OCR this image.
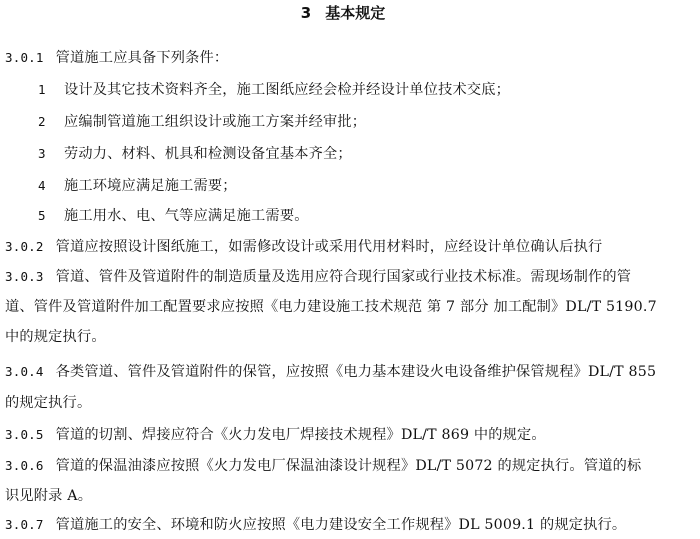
3 基本规定
3.0.1 管道施工应具备下列条件：
1 设计及其它技术资料齐全，施工图纸应经会检并经设计单位技术交底；
2 应编制管道施工组织设计或施工方案并经审批；
3 劳动力、材料、机具和检测设备宜基本齐全；
4 施工环境应满足施工需要；
5 施工用水、电、气等应满足施工需要。
3.0.2 管道应按照设计图纸施工，如需修改设计或采用代用材料时，应经设计单位确认后执行
3.0.3 管道、管件及管道附件的制造质量及选用应符合现行国家或行业技术标准。需现场制作的管
道、管件及管道附件加工配置要求应按照《电力建设施工技术规范 第 7 部分 加工配制》DL/T 5190.7
中的规定执行。
3.0.4 各类管道、管件及管道附件的保管，应按照《电力基本建设火电设备维护保管规程》DL/T 855
的规定执行。
3.0.5 管道的切割、焊接应符合《火力发电厂焊接技术规程》DL/T 869 中的规定。
3.0.6 管道的保温油漆应按照《火力发电厂保温油漆设计规程》DL/T 5072 的规定执行。管道的标
识见附录 A。
3.0.7 管道施工的安全、环境和防火应按照《电力建设安全工作规程》DL 5009.1 的规定执行。
